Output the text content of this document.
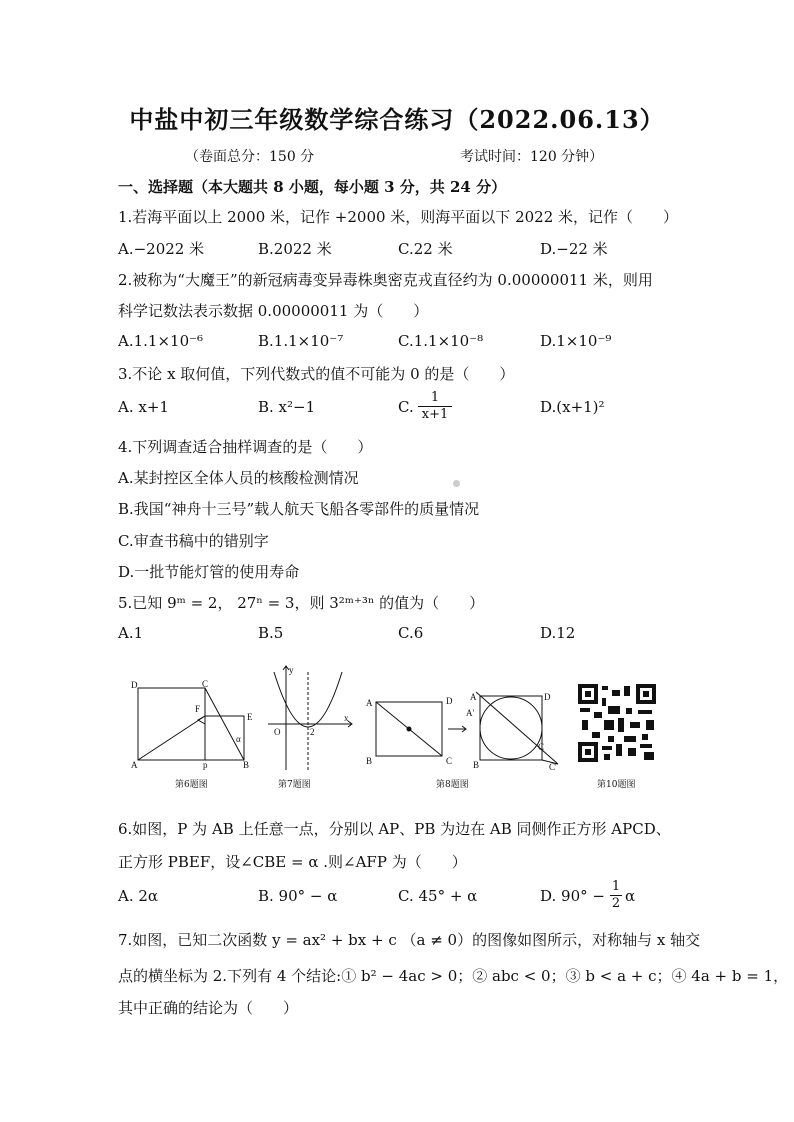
中盐中初三年级数学综合练习（2022.06.13）
（卷面总分：150 分	考试时间：120 分钟）
一、选择题（本大题共 8 小题，每小题 3 分，共 24 分）
1.若海平面以上 2000 米，记作 +2000 米，则海平面以下 2022 米，记作（　　）
A.−2022 米	B.2022 米	C.22 米	D.−22 米
2.被称为“大魔王”的新冠病毒变异毒株奥密克戎直径约为 0.00000011 米，则用
科学记数法表示数据 0.00000011 为（　　）
A.1.1×10⁻⁶	B.1.1×10⁻⁷	C.1.1×10⁻⁸	D.1×10⁻⁹
3.不论 x 取何值，下列代数式的值不可能为 0 的是（　　）
A. x+1	B. x²−1	C. $\frac{1}{x+1}$	D.(x+1)²
4.下列调查适合抽样调查的是（　　）
A.某封控区全体人员的核酸检测情况
B.我国“神舟十三号”载人航天飞船各零部件的质量情况
C.审查书稿中的错别字
D.一批节能灯管的使用寿命
5.已知 9ᵐ = 2， 27ⁿ = 3，则 3²ᵐ⁺³ⁿ 的值为（　　）
A.1	B.5	C.6	D.12
D	C
F
E
A	p	B
α
第6题图
y
O	2
x
第7题图
A	D
B	C
A
A'
D
B
C
C'
第8题图	第10题图
6.如图，P 为 AB 上任意一点，分别以 AP、PB 为边在 AB 同侧作正方形 APCD、
正方形 PBEF，设∠CBE = α .则∠AFP 为（　　）
A. 2α	B. 90° − α	C. 45° + α	D. $90^\circ - \frac{1}{2}$ α
7.如图，已知二次函数 y = ax² + bx + c （a ≠ 0）的图像如图所示，对称轴与 x 轴交
点的横坐标为 2.下列有 4 个结论:① b² − 4ac > 0；② abc < 0；③ b < a + c；④ 4a + b = 1，
其中正确的结论为（　　）
